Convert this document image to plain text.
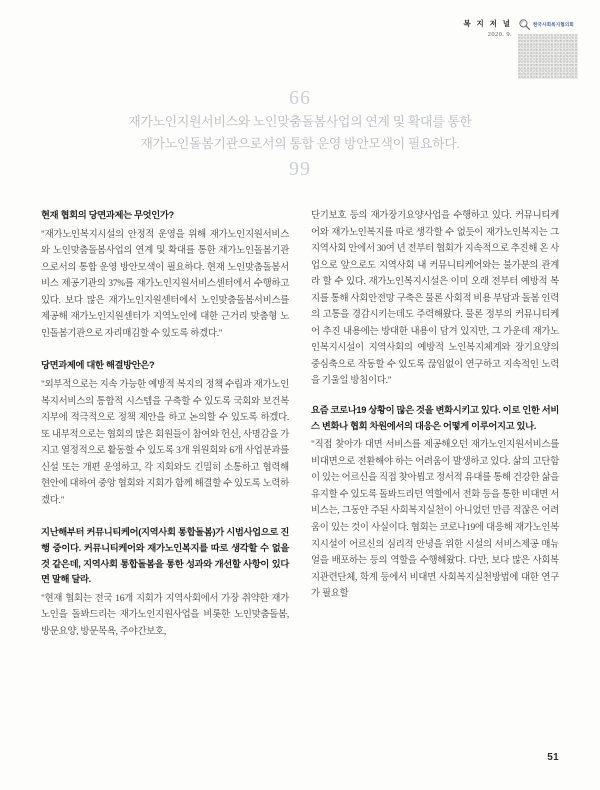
복 지 저 널
2020. 9.
한국사회복지협의회
66
재가노인지원서비스와 노인맞춤돌봄사업의 연계 및 확대를 통한
재가노인돌봄기관으로서의 통합 운영 방안모색이 필요하다.
99
현재 협회의 당면과제는 무엇인가?

"재가노인복지시설의 안정적 운영을 위해 재가노인지원서비스와 노인맞춤돌봄사업의 연계 및 확대를 통한 재가노인돌봄기관으로서의 통합 운영 방안모색이 필요하다. 현재 노인맞춤돌봄서비스 제공기관의 37%를 재가노인지원서비스센터에서 수행하고 있다. 보다 많은 재가노인지원센터에서 노인맞춤돌봄서비스를 제공해 재가노인지원센터가 지역노인에 대한 근거리 맞춤형 노인돌봄기관으로 자리매김할 수 있도록 하겠다."

당면과제에 대한 해결방안은?

"외부적으로는 지속 가능한 예방적 복지의 정책 수립과 재가노인복지서비스의 통합적 시스템을 구축할 수 있도록 국회와 보건복지부에 적극적으로 정책 제안을 하고 논의할 수 있도록 하겠다. 또 내부적으로는 협회의 많은 회원들이 참여와 헌신, 사명감을 가지고 열정적으로 활동할 수 있도록 3개 위원회와 6개 사업분과를 신설 또는 개편 운영하고, 각 지회와도 긴밀히 소통하고 협력해 현안에 대하여 중앙 협회와 지회가 함께 해결할 수 있도록 노력하겠다."

지난해부터 커뮤니티케어(지역사회 통합돌봄)가 시범사업으로 진행 중이다. 커뮤니티케어와 재가노인복지를 따로 생각할 수 없을 것 같은데, 지역사회 통합돌봄을 통한 성과와 개선할 사항이 있다면 말해 달라.

"현재 협회는 전국 16개 지회가 지역사회에서 가장 취약한 재가노인을 돌봐드리는 재가노인지원사업을 비롯한 노인맞춤돌봄, 방문요양, 방문목욕, 주야간보호,

단기보호 등의 재가장기요양사업을 수행하고 있다. 커뮤니티케어와 재가노인복지를 따로 생각할 수 없듯이 재가노인복지는 그 지역사회 안에서 30여 년 전부터 협회가 지속적으로 추진해 온 사업으로 앞으로도 지역사회 내 커뮤니티케어와는 불가분의 관계라 할 수 있다. 재가노인복지시설은 이미 오래 전부터 예방적 복지를 통해 사회안전망 구축은 물론 사회적 비용 부담과 돌봄 인력의 고통을 경감시키는데도 주력해왔다. 물론 정부의 커뮤니티케어 추진 내용에는 방대한 내용이 담겨 있지만, 그 가운데 재가노인복지시설이 지역사회의 예방적 노인복지체계와 장기요양의 중심축으로 작동할 수 있도록 끊임없이 연구하고 지속적인 노력을 기울일 방침이다."

요즘 코로나19 상황이 많은 것을 변화시키고 있다. 이로 인한 서비스 변화나 협회 차원에서의 대응은 어떻게 이루어지고 있나.

"직접 찾아가 대면 서비스를 제공해오던 재가노인지원서비스를 비대면으로 전환해야 하는 어려움이 발생하고 있다. 삶의 고단함이 있는 어르신을 직접 찾아뵙고 정서적 유대를 통해 건강한 삶을 유지할 수 있도록 돌봐드리던 역할에서 전화 등을 통한 비대면 서비스는, 그동안 주된 사회복지실천이 아니었던 만큼 적잖은 어려움이 있는 것이 사실이다. 협회는 코로나19에 대응해 재가노인복지시설이 어르신의 심리적 안녕을 위한 시설의 서비스제공 매뉴얼을 배포하는 등의 역할을 수행해왔다. 다만, 보다 많은 사회복지관련단체, 학계 등에서 비대면 사회복지실천방법에 대한 연구가 필요할

51
